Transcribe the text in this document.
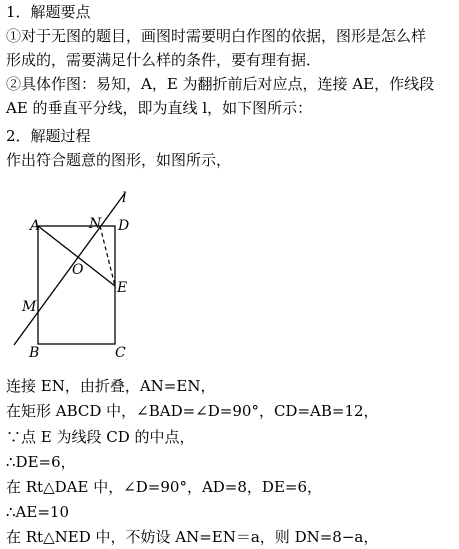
1．解题要点
①对于无图的题目，画图时需要明白作图的依据，图形是怎么样
形成的，需要满足什么样的条件，要有理有据．
②具体作图：易知，A，E 为翻折前后对应点，连接 AE，作线段
AE 的垂直平分线，即为直线 l，如下图所示：
2．解题过程
作出符合题意的图形，如图所示，
A	N D
l
O
E
M
B	C
连接 EN，由折叠，AN=EN，
在矩形 ABCD 中，∠BAD=∠D=90°，CD=AB=12，
∵点 E 为线段 CD 的中点，
∴DE=6，
在 Rt△DAE 中，∠D=90°，AD=8，DE=6，
∴AE=10
在 Rt△NED 中，不妨设 AN=EN＝a，则 DN=8−a，
